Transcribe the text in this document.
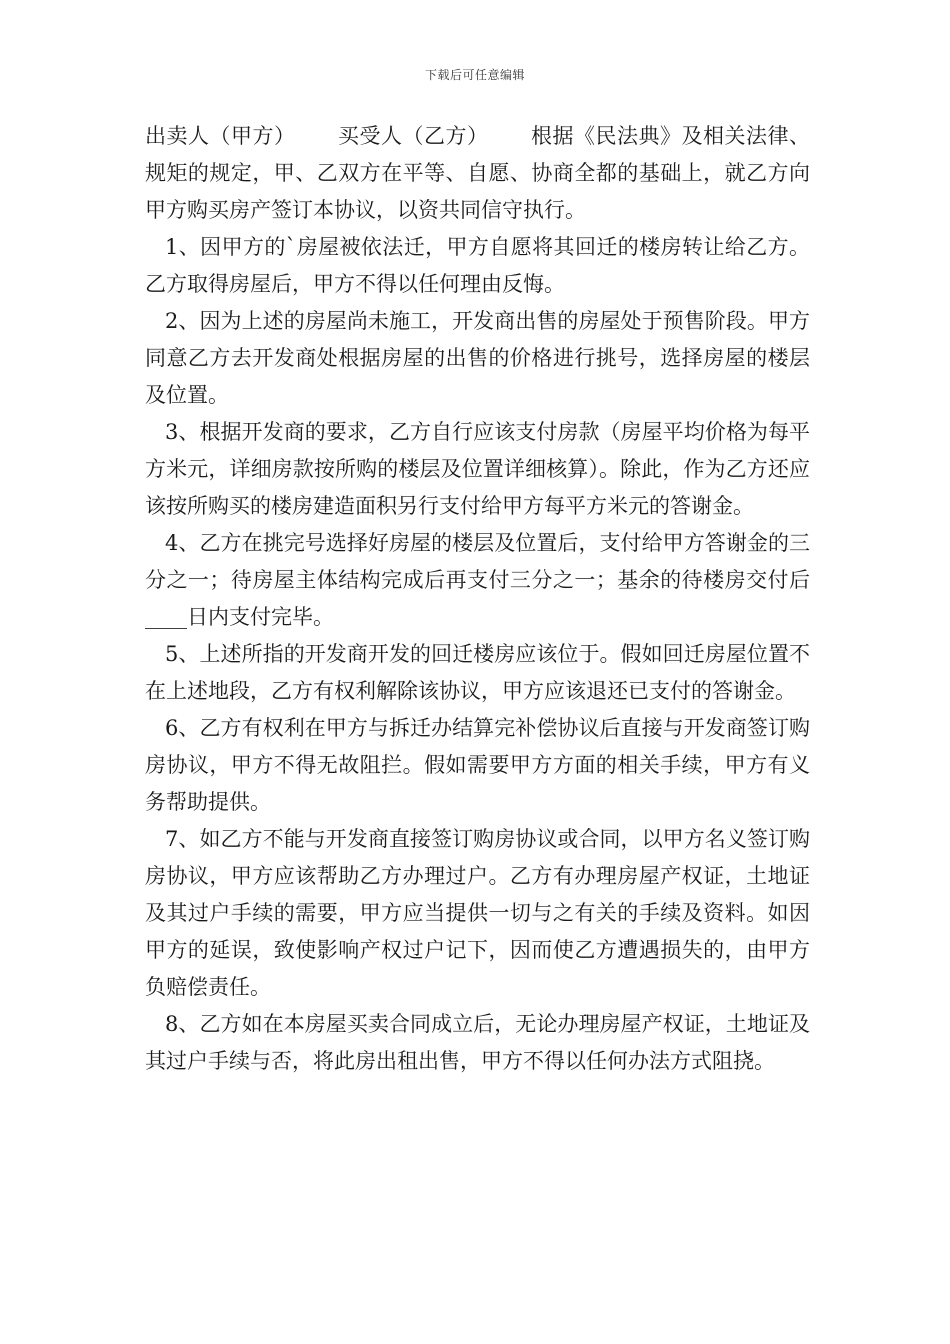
下载后可任意编辑

出卖人（甲方） 买受人（乙方） 根据《民法典》及相关法律、规矩的规定，甲、乙双方在平等、自愿、协商全都的基础上，就乙方向甲方购买房产签订本协议，以资共同信守执行。

1、因甲方的`房屋被依法迁，甲方自愿将其回迁的楼房转让给乙方。乙方取得房屋后，甲方不得以任何理由反悔。

2、因为上述的房屋尚未施工，开发商出售的房屋处于预售阶段。甲方同意乙方去开发商处根据房屋的出售的价格进行挑号，选择房屋的楼层及位置。

3、根据开发商的要求，乙方自行应该支付房款（房屋平均价格为每平方米元，详细房款按所购的楼层及位置详细核算）。除此，作为乙方还应该按所购买的楼房建造面积另行支付给甲方每平方米元的答谢金。

4、乙方在挑完号选择好房屋的楼层及位置后，支付给甲方答谢金的三分之一；待房屋主体结构完成后再支付三分之一；基余的待楼房交付后____日内支付完毕。

5、上述所指的开发商开发的回迁楼房应该位于。假如回迁房屋位置不在上述地段，乙方有权利解除该协议，甲方应该退还已支付的答谢金。

6、乙方有权利在甲方与拆迁办结算完补偿协议后直接与开发商签订购房协议，甲方不得无故阻拦。假如需要甲方方面的相关手续，甲方有义务帮助提供。

7、如乙方不能与开发商直接签订购房协议或合同，以甲方名义签订购房协议，甲方应该帮助乙方办理过户。乙方有办理房屋产权证，土地证及其过户手续的需要，甲方应当提供一切与之有关的手续及资料。如因甲方的延误，致使影响产权过户记下，因而使乙方遭遇损失的，由甲方负赔偿责任。

8、乙方如在本房屋买卖合同成立后，无论办理房屋产权证，土地证及其过户手续与否，将此房出租出售，甲方不得以任何办法方式阻挠。
